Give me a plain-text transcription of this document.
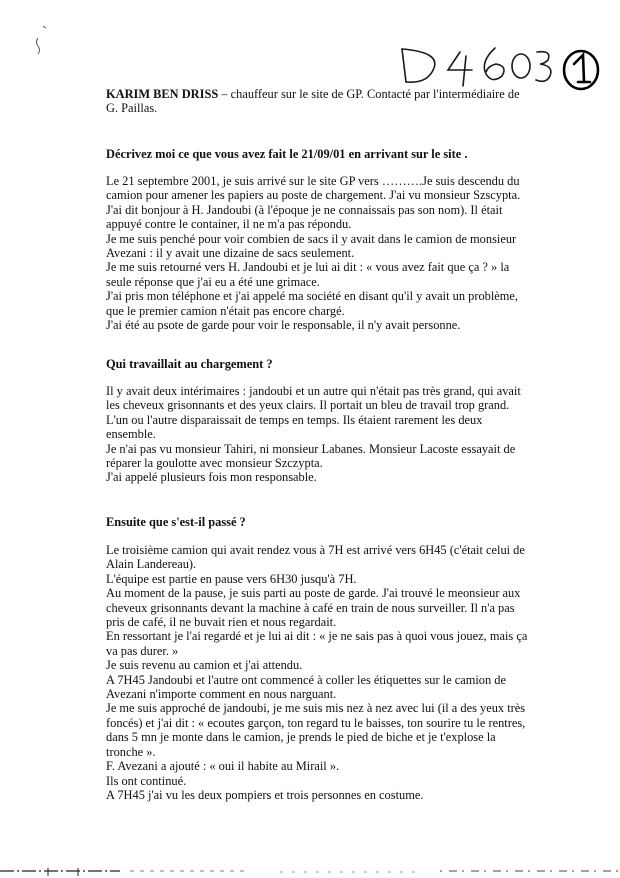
KARIM BEN DRISS – chauffeur sur le site de GP. Contacté par l'intermédiaire de

G. Paillas.

Décrivez moi ce que vous avez fait le 21/09/01 en arrivant sur le site .

Le 21 septembre 2001, je suis arrivé sur le site GP vers ……….Je suis descendu du

camion pour amener les papiers au poste de chargement. J'ai vu monsieur Szscypta.

J'ai dit bonjour à H. Jandoubi (à l'époque je ne connaissais pas son nom). Il était

appuyé contre le container, il ne m'a pas répondu.

Je me suis penché pour voir combien de sacs il y avait dans le camion de monsieur

Avezani : il y avait une dizaine de sacs seulement.

Je me suis retourné vers H. Jandoubi et je lui ai dit : « vous avez fait que ça ? » la

seule réponse que j'ai eu a été une grimace.

J'ai pris mon téléphone et j'ai appelé ma société en disant qu'il y avait un problème,

que le premier camion n'était pas encore chargé.

J'ai été au psote de garde pour voir le responsable, il n'y avait personne.

Qui travaillait au chargement ?

Il y avait deux intérimaires : jandoubi et un autre qui n'était pas très grand, qui avait

les cheveux grisonnants et des yeux clairs. Il portait un bleu de travail trop grand.

L'un ou l'autre disparaissait de temps en temps. Ils étaient rarement les deux

ensemble.

Je n'ai pas vu monsieur Tahiri, ni monsieur Labanes. Monsieur Lacoste essayait de

réparer la goulotte avec monsieur Szczypta.

J'ai appelé plusieurs fois mon responsable.

Ensuite que s'est-il passé ?

Le troisième camion qui avait rendez vous à 7H est arrivé vers 6H45 (c'était celui de

Alain Landereau).

L'équipe est partie en pause vers 6H30 jusqu'à 7H.

Au moment de la pause, je suis parti au poste de garde. J'ai trouvé le meonsieur aux

cheveux grisonnants devant la machine à café en train de nous surveiller. Il n'a pas

pris de café, il ne buvait rien et nous regardait.

En ressortant je l'ai regardé et je lui ai dit : « je ne sais pas à quoi vous jouez, mais ça

va pas durer. »

Je suis revenu au camion et j'ai attendu.

A 7H45 Jandoubi et l'autre ont commencé à coller les étiquettes sur le camion de

Avezani n'importe comment en nous narguant.

Je me suis approché de jandoubi, je me suis mis nez à nez avec lui (il a des yeux très

foncés) et j'ai dit : « ecoutes garçon, ton regard tu le baisses, ton sourire tu le rentres,

dans 5 mn je monte dans le camion, je prends le pied de biche et je t'explose la

tronche ».

F. Avezani a ajouté : « oui il habite au Mirail ».

Ils ont continué.

A 7H45 j'ai vu les deux pompiers et trois personnes en costume.
